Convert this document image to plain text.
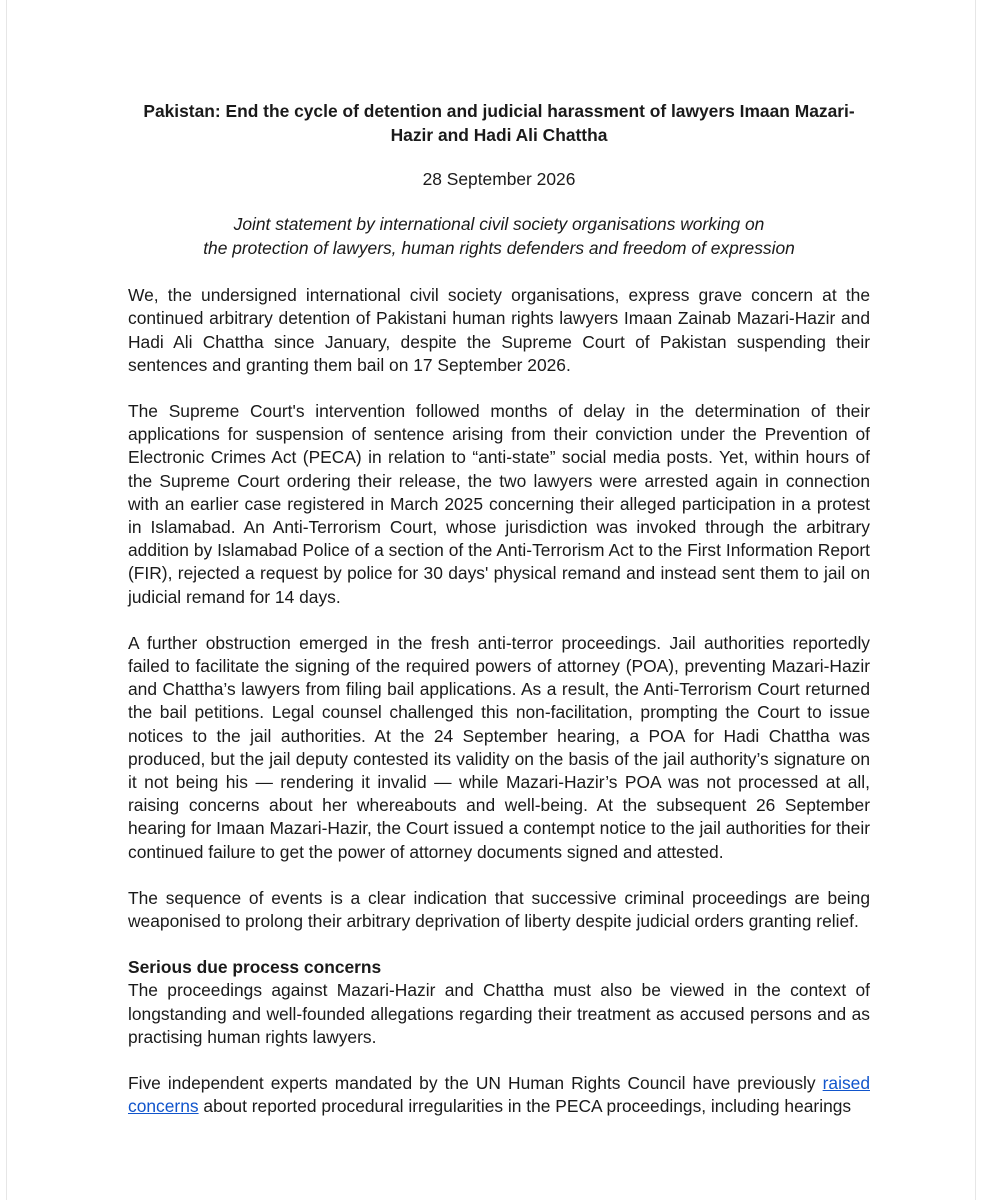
Pakistan: End the cycle of detention and judicial harassment of lawyers Imaan Mazari-Hazir and Hadi Ali Chattha

28 September 2026

Joint statement by international civil society organisations working on
the protection of lawyers, human rights defenders and freedom of expression

We, the undersigned international civil society organisations, express grave concern at the continued arbitrary detention of Pakistani human rights lawyers Imaan Zainab Mazari-Hazir and Hadi Ali Chattha since January, despite the Supreme Court of Pakistan suspending their sentences and granting them bail on 17 September 2026.

The Supreme Court's intervention followed months of delay in the determination of their applications for suspension of sentence arising from their conviction under the Prevention of Electronic Crimes Act (PECA) in relation to “anti-state” social media posts. Yet, within hours of the Supreme Court ordering their release, the two lawyers were arrested again in connection with an earlier case registered in March 2025 concerning their alleged participation in a protest in Islamabad. An Anti-Terrorism Court, whose jurisdiction was invoked through the arbitrary addition by Islamabad Police of a section of the Anti-Terrorism Act to the First Information Report (FIR), rejected a request by police for 30 days' physical remand and instead sent them to jail on judicial remand for 14 days.

A further obstruction emerged in the fresh anti-terror proceedings. Jail authorities reportedly failed to facilitate the signing of the required powers of attorney (POA), preventing Mazari-Hazir and Chattha’s lawyers from filing bail applications. As a result, the Anti-Terrorism Court returned the bail petitions. Legal counsel challenged this non-facilitation, prompting the Court to issue notices to the jail authorities. At the 24 September hearing, a POA for Hadi Chattha was produced, but the jail deputy contested its validity on the basis of the jail authority’s signature on it not being his — rendering it invalid — while Mazari-Hazir’s POA was not processed at all, raising concerns about her whereabouts and well-being. At the subsequent 26 September hearing for Imaan Mazari-Hazir, the Court issued a contempt notice to the jail authorities for their continued failure to get the power of attorney documents signed and attested.

The sequence of events is a clear indication that successive criminal proceedings are being weaponised to prolong their arbitrary deprivation of liberty despite judicial orders granting relief.

Serious due process concerns

The proceedings against Mazari-Hazir and Chattha must also be viewed in the context of longstanding and well-founded allegations regarding their treatment as accused persons and as practising human rights lawyers.

Five independent experts mandated by the UN Human Rights Council have previously raised concerns about reported procedural irregularities in the PECA proceedings, including hearings
